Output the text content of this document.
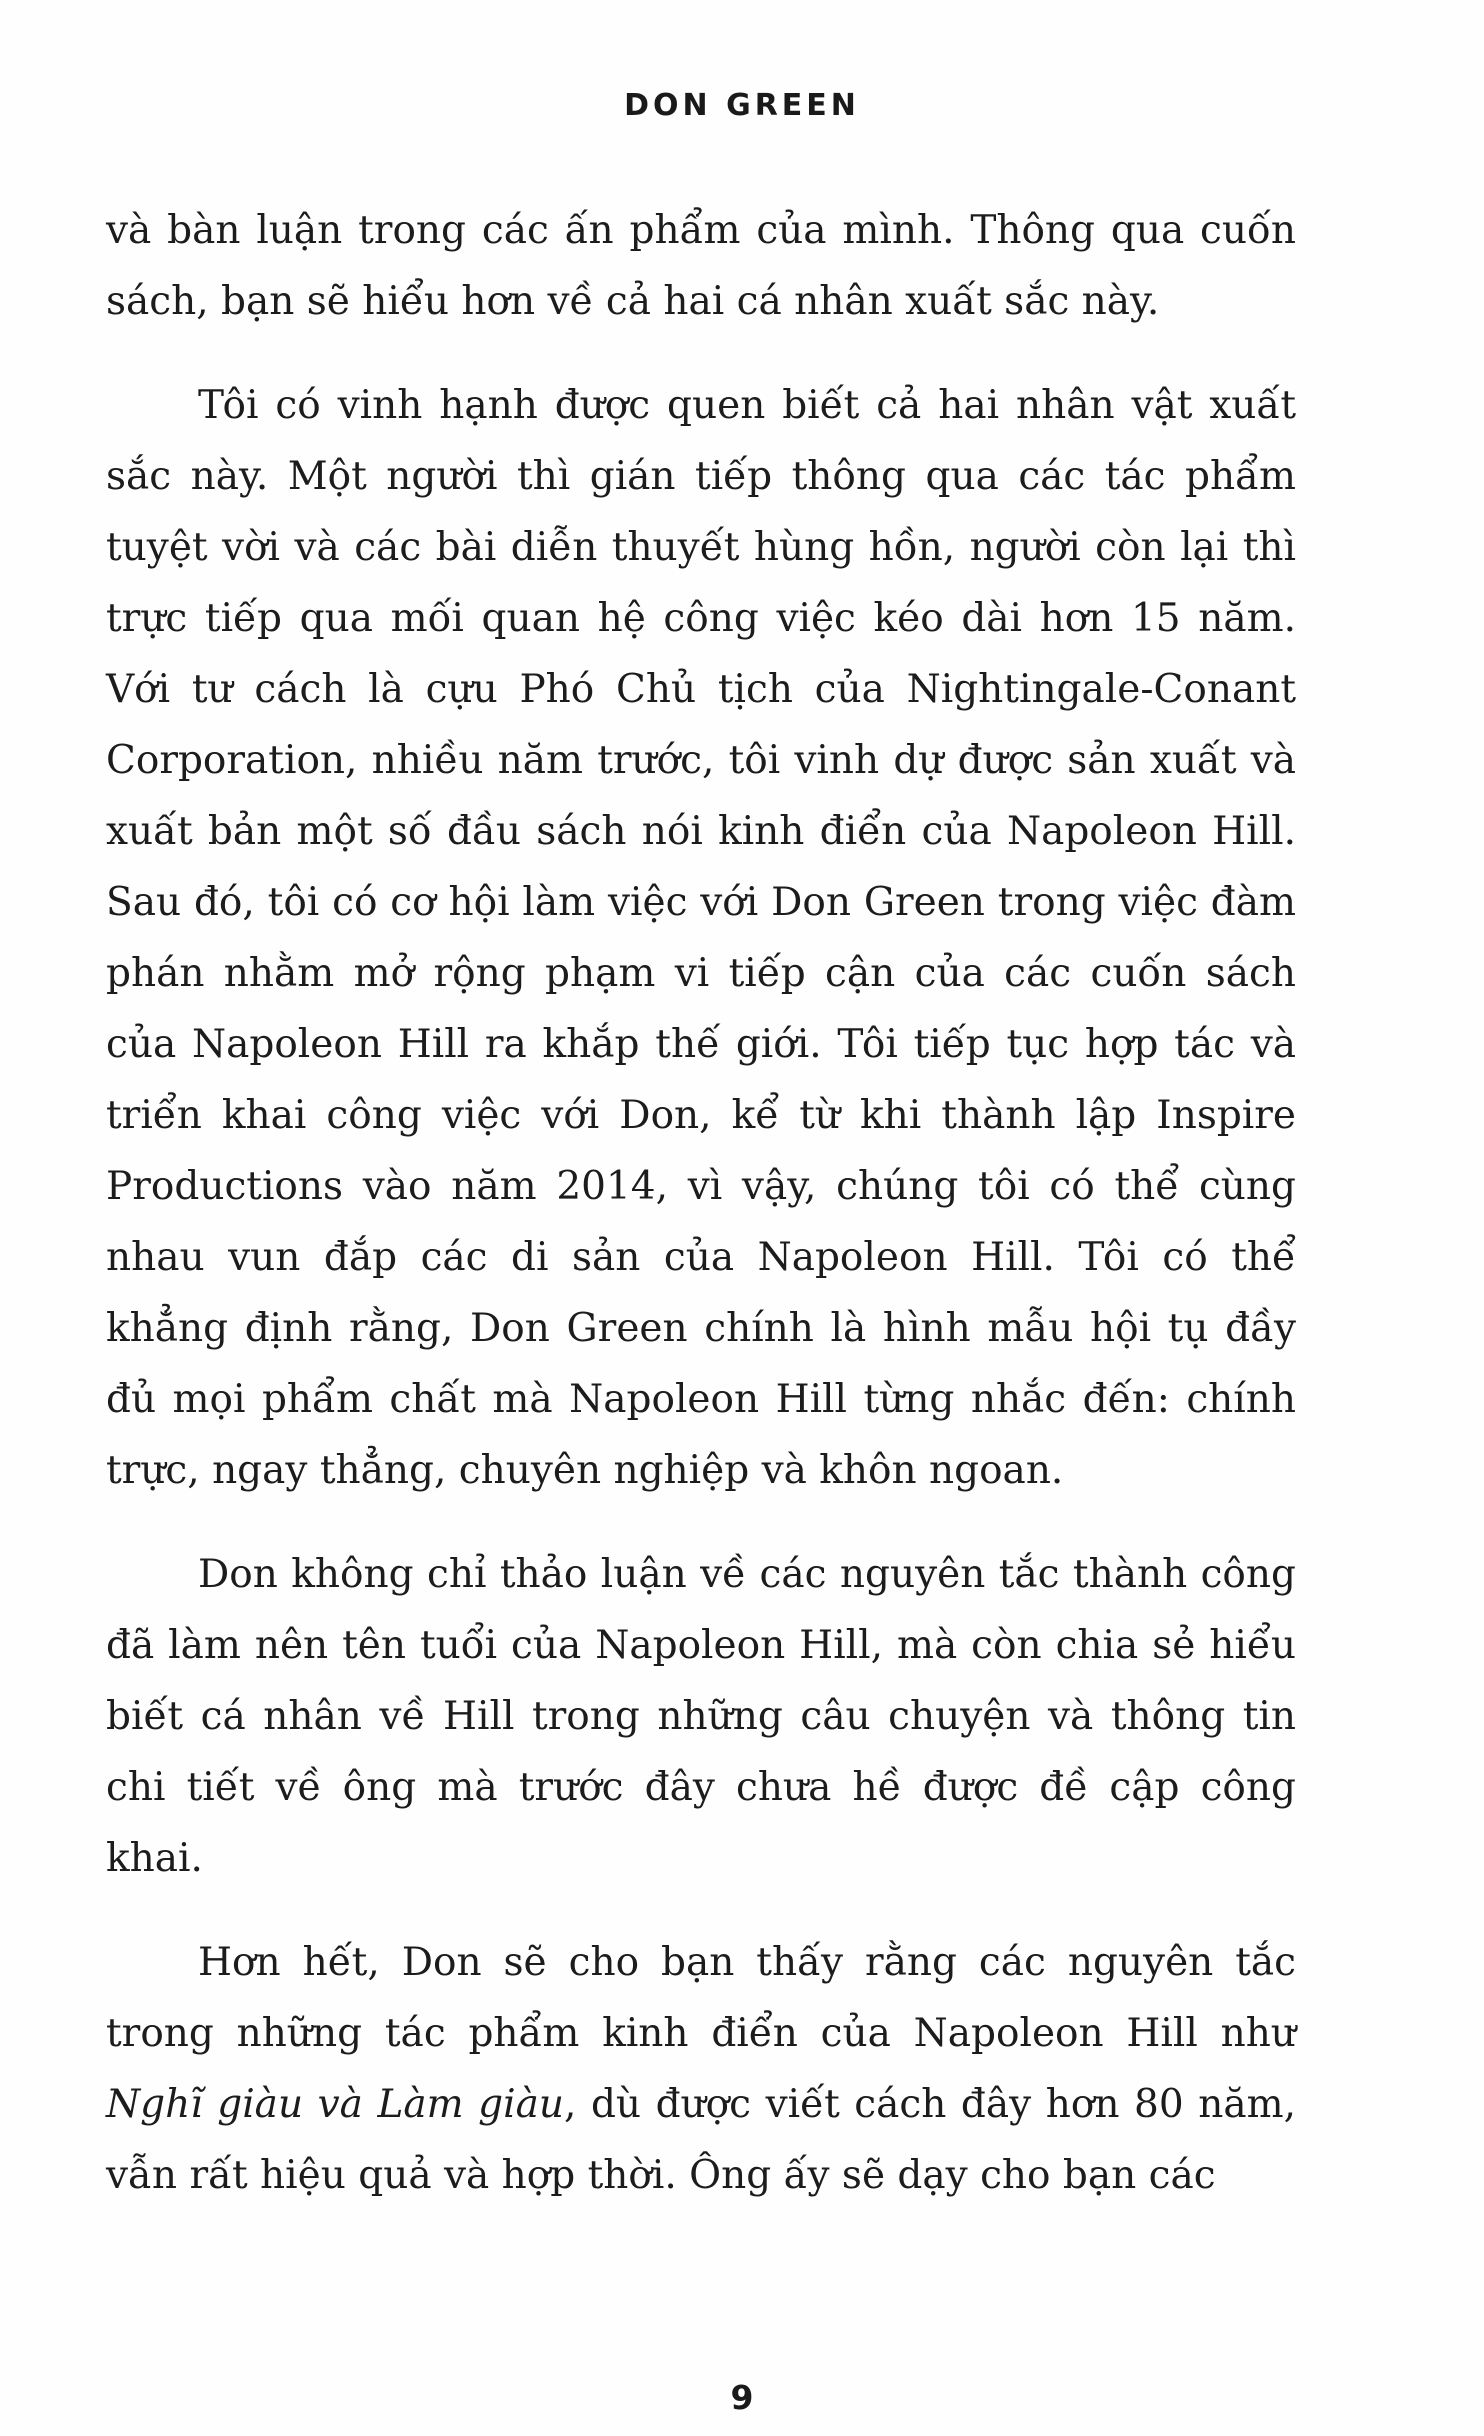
DON GREEN

và bàn luận trong các ấn phẩm của mình. Thông qua cuốn sách, bạn sẽ hiểu hơn về cả hai cá nhân xuất sắc này.

Tôi có vinh hạnh được quen biết cả hai nhân vật xuất sắc này. Một người thì gián tiếp thông qua các tác phẩm tuyệt vời và các bài diễn thuyết hùng hồn, người còn lại thì trực tiếp qua mối quan hệ công việc kéo dài hơn 15 năm. Với tư cách là cựu Phó Chủ tịch của Nightingale-Conant Corporation, nhiều năm trước, tôi vinh dự được sản xuất và xuất bản một số đầu sách nói kinh điển của Napoleon Hill. Sau đó, tôi có cơ hội làm việc với Don Green trong việc đàm phán nhằm mở rộng phạm vi tiếp cận của các cuốn sách của Napoleon Hill ra khắp thế giới. Tôi tiếp tục hợp tác và triển khai công việc với Don, kể từ khi thành lập Inspire Productions vào năm 2014, vì vậy, chúng tôi có thể cùng nhau vun đắp các di sản của Napoleon Hill. Tôi có thể khẳng định rằng, Don Green chính là hình mẫu hội tụ đầy đủ mọi phẩm chất mà Napoleon Hill từng nhắc đến: chính trực, ngay thẳng, chuyên nghiệp và khôn ngoan.

Don không chỉ thảo luận về các nguyên tắc thành công đã làm nên tên tuổi của Napoleon Hill, mà còn chia sẻ hiểu biết cá nhân về Hill trong những câu chuyện và thông tin chi tiết về ông mà trước đây chưa hề được đề cập công khai.

Hơn hết, Don sẽ cho bạn thấy rằng các nguyên tắc trong những tác phẩm kinh điển của Napoleon Hill như Nghĩ giàu và Làm giàu, dù được viết cách đây hơn 80 năm, vẫn rất hiệu quả và hợp thời. Ông ấy sẽ dạy cho bạn các

9
